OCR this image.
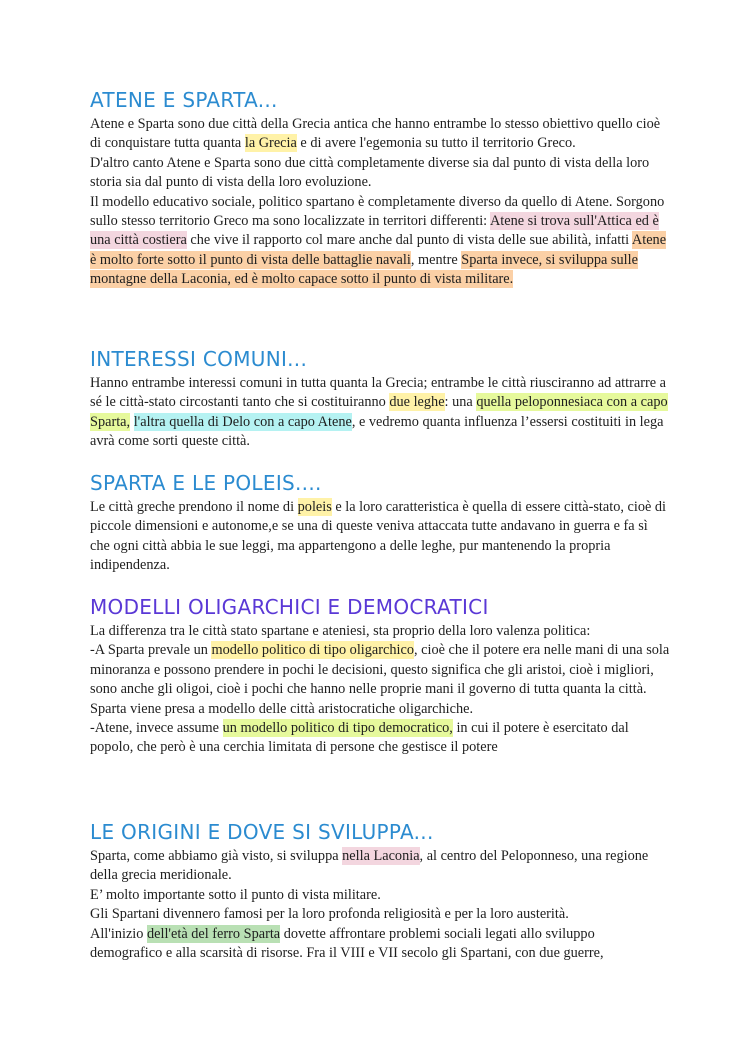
ATENE E SPARTA...

Atene e Sparta sono due città della Grecia antica che hanno entrambe lo stesso obiettivo quello cioè di conquistare tutta quanta la Grecia e di avere l'egemonia su tutto il territorio Greco.

D'altro canto Atene e Sparta sono due città completamente diverse sia dal punto di vista della loro storia sia dal punto di vista della loro evoluzione.

Il modello educativo sociale, politico spartano è completamente diverso da quello di Atene. Sorgono sullo stesso territorio Greco ma sono localizzate in territori differenti: Atene si trova sull'Attica ed è una città costiera che vive il rapporto col mare anche dal punto di vista delle sue abilità, infatti Atene è molto forte sotto il punto di vista delle battaglie navali, mentre Sparta invece, si sviluppa sulle montagne della Laconia, ed è molto capace sotto il punto di vista militare.

INTERESSI COMUNI...

Hanno entrambe interessi comuni in tutta quanta la Grecia; entrambe le città riusciranno ad attrarre a sé le città-stato circostanti tanto che si costituiranno due leghe: una quella peloponnesiaca con a capo Sparta, l'altra quella di Delo con a capo Atene, e vedremo quanta influenza l’essersi costituiti in lega avrà come sorti queste città.

SPARTA E LE POLEIS....

Le città greche prendono il nome di poleis e la loro caratteristica è quella di essere città-stato, cioè di piccole dimensioni e autonome,e se una di queste veniva attaccata tutte andavano in guerra e fa sì che ogni città abbia le sue leggi, ma appartengono a delle leghe, pur mantenendo la propria indipendenza.

MODELLI OLIGARCHICI E DEMOCRATICI

La differenza tra le città stato spartane e ateniesi, sta proprio della loro valenza politica:

-A Sparta prevale un modello politico di tipo oligarchico, cioè che il potere era nelle mani di una sola minoranza e possono prendere in pochi le decisioni, questo significa che gli aristoi, cioè i migliori, sono anche gli oligoi, cioè i pochi che hanno nelle proprie mani il governo di tutta quanta la città.

Sparta viene presa a modello delle città aristocratiche oligarchiche.

-Atene, invece assume un modello politico di tipo democratico, in cui il potere è esercitato dal popolo, che però è una cerchia limitata di persone che gestisce il potere

LE ORIGINI E DOVE SI SVILUPPA...

Sparta, come abbiamo già visto, si sviluppa nella Laconia, al centro del Peloponneso, una regione della grecia meridionale.

E’ molto importante sotto il punto di vista militare.

Gli Spartani divennero famosi per la loro profonda religiosità e per la loro austerità.

All'inizio dell'età del ferro Sparta dovette affrontare problemi sociali legati allo sviluppo demografico e alla scarsità di risorse. Fra il VIII e VII secolo gli Spartani, con due guerre,
